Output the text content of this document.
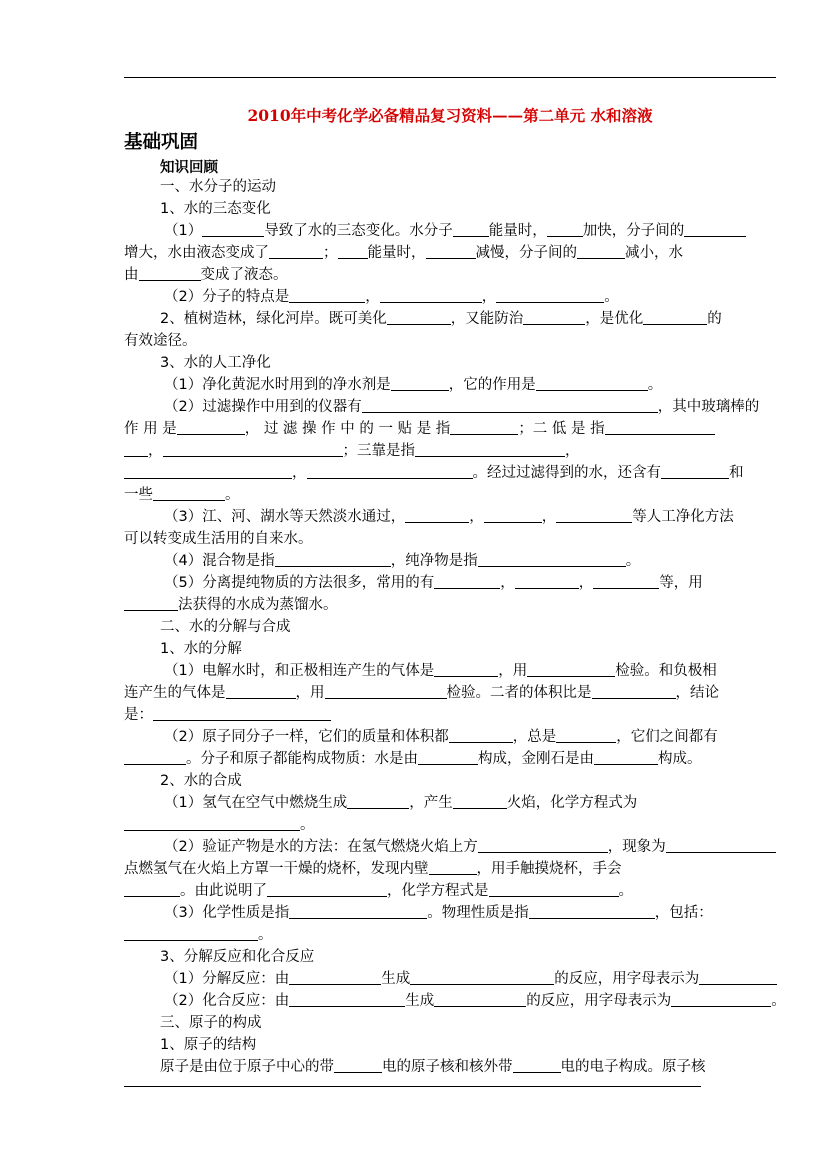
2010年中考化学必备精品复习资料——第二单元 水和溶液
基础巩固
知识回顾
一、水分子的运动
1、水的三态变化
（1）	导致了水的三态变化。水分子 能量时， 加快，分子间的
增大，水由液态变成了	； 能量时，	减慢，分子间的	减小，水
由	变成了液态。
（2）分子的特点是	，	，	。
2、植树造林，绿化河岸。既可美化	，又能防治	，是优化	的
有效途径。
3、水的人工净化
（1）净化黄泥水时用到的净水剂是	，它的作用是	。
（2）过滤操作中用到的仪器有	，其中玻璃棒的
作 用 是	， 过 滤 操 作 中 的 一 贴 是 指	；二 低 是 指
，	；三靠是指	，
，	。经过过滤得到的水，还含有	和
一些	。
（3）江、河、湖水等天然淡水通过，	，	，	等人工净化方法
可以转变成生活用的自来水。
（4）混合物是指	，纯净物是指	。
（5）分离提纯物质的方法很多，常用的有	，	，	等，用
法获得的水成为蒸馏水。
二、水的分解与合成
1、水的分解
（1）电解水时，和正极相连产生的气体是	，用	检验。和负极相
连产生的气体是	，用	检验。二者的体积比是	，结论
是：
（2）原子同分子一样，它们的质量和体积都	，总是	，它们之间都有
。分子和原子都能构成物质：水是由	构成，金刚石是由	构成。
2、水的合成
（1）氢气在空气中燃烧生成	，产生	火焰，化学方程式为
。
（2）验证产物是水的方法：在氢气燃烧火焰上方	，现象为
点燃氢气在火焰上方罩一干燥的烧杯，发现内壁	，用手触摸烧杯，手会
。由此说明了	，化学方程式是	。
（3）化学性质是指	。物理性质是指	，包括：
。
3、分解反应和化合反应
（1）分解反应：由	生成	的反应，用字母表示为
（2）化合反应：由	生成	的反应，用字母表示为	。
三、原子的构成
1、原子的结构
原子是由位于原子中心的带	电的原子核和核外带	电的电子构成。原子核
